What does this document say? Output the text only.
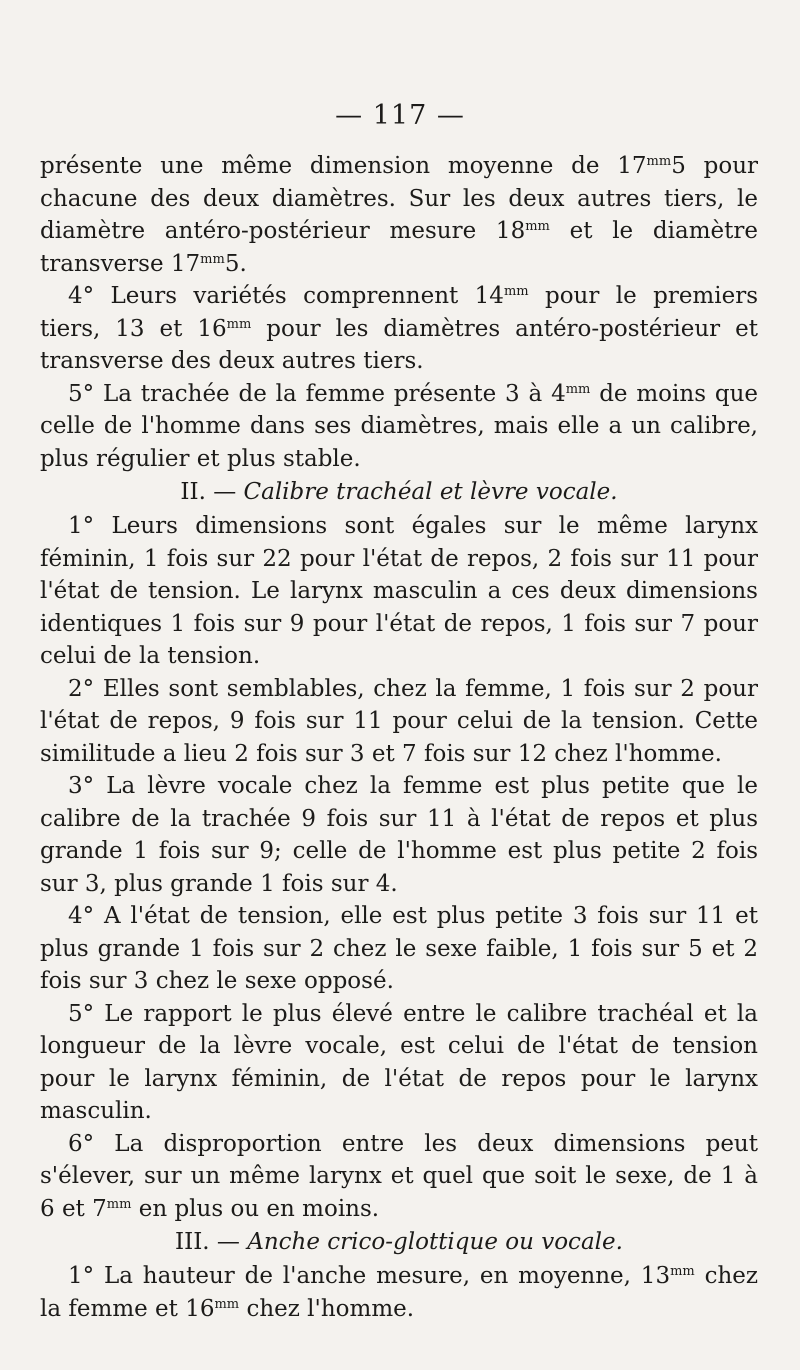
— 117 —

présente une même dimension moyenne de $17^{mm}5$ pour chacune des deux diamètres. Sur les deux autres tiers, le diamètre antéro-postérieur mesure $18^{mm}$ et le diamètre transverse $17^{mm}5$.

4° Leurs variétés comprennent $14^{mm}$ pour le premiers tiers, 13 et $16^{mm}$ pour les diamètres antéro-postérieur et transverse des deux autres tiers.

5° La trachée de la femme présente 3 à $4^{mm}$ de moins que celle de l'homme dans ses diamètres, mais elle a un calibre, plus régulier et plus stable.

II. — Calibre trachéal et lèvre vocale.

1° Leurs dimensions sont égales sur le même larynx féminin, 1 fois sur 22 pour l'état de repos, 2 fois sur 11 pour l'état de tension. Le larynx masculin a ces deux dimensions identiques 1 fois sur 9 pour l'état de repos, 1 fois sur 7 pour celui de la tension.

2° Elles sont semblables, chez la femme, 1 fois sur 2 pour l'état de repos, 9 fois sur 11 pour celui de la tension. Cette similitude a lieu 2 fois sur 3 et 7 fois sur 12 chez l'homme.

3° La lèvre vocale chez la femme est plus petite que le calibre de la trachée 9 fois sur 11 à l'état de repos et plus grande 1 fois sur 9; celle de l'homme est plus petite 2 fois sur 3, plus grande 1 fois sur 4.

4° A l'état de tension, elle est plus petite 3 fois sur 11 et plus grande 1 fois sur 2 chez le sexe faible, 1 fois sur 5 et 2 fois sur 3 chez le sexe opposé.

5° Le rapport le plus élevé entre le calibre trachéal et la longueur de la lèvre vocale, est celui de l'état de tension pour le larynx féminin, de l'état de repos pour le larynx masculin.

6° La disproportion entre les deux dimensions peut s'élever, sur un même larynx et quel que soit le sexe, de 1 à 6 et $7^{mm}$ en plus ou en moins.

III. — Anche crico-glottique ou vocale.

1° La hauteur de l'anche mesure, en moyenne, $13^{mm}$ chez la femme et $16^{mm}$ chez l'homme.
